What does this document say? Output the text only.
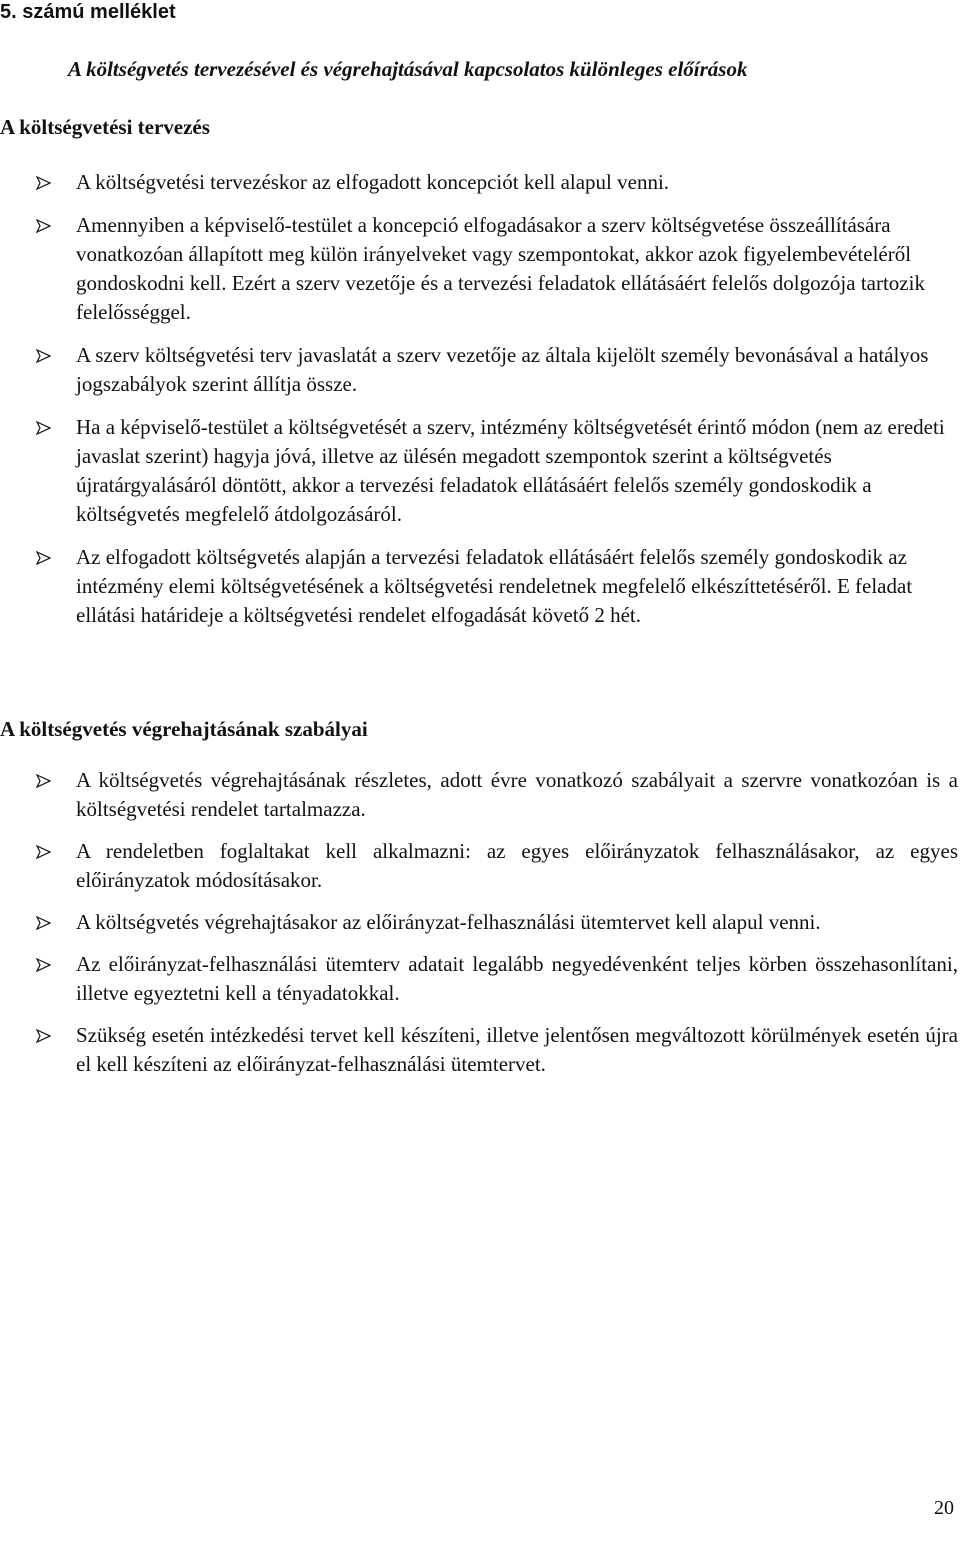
5. számú melléklet
A költségvetés tervezésével és végrehajtásával kapcsolatos különleges előírások
A költségvetési tervezés
A költségvetési tervezéskor az elfogadott koncepciót kell alapul venni.
Amennyiben a képviselő-testület a koncepció elfogadásakor a szerv költségvetése összeállítására vonatkozóan állapított meg külön irányelveket vagy szempontokat, akkor azok figyelembevételéről gondoskodni kell. Ezért a szerv vezetője és a tervezési feladatok ellátásáért felelős dolgozója tartozik felelősséggel.
A szerv költségvetési terv javaslatát a szerv vezetője az általa kijelölt személy bevonásával a hatályos jogszabályok szerint állítja össze.
Ha a képviselő-testület a költségvetését a szerv, intézmény költségvetését érintő módon (nem az eredeti javaslat szerint) hagyja jóvá, illetve az ülésén megadott szempontok szerint a költségvetés újratárgyalásáról döntött, akkor a tervezési feladatok ellátásáért felelős személy gondoskodik a költségvetés megfelelő átdolgozásáról.
Az elfogadott költségvetés alapján a tervezési feladatok ellátásáért felelős személy gondoskodik az intézmény elemi költségvetésének a költségvetési rendeletnek megfelelő elkészíttetéséről. E feladat ellátási határideje a költségvetési rendelet elfogadását követő 2 hét.
A költségvetés végrehajtásának szabályai
A költségvetés végrehajtásának részletes, adott évre vonatkozó szabályait a szervre vonatkozóan is a költségvetési rendelet tartalmazza.
A rendeletben foglaltakat kell alkalmazni: az egyes előirányzatok felhasználásakor, az egyes előirányzatok módosításakor.
A költségvetés végrehajtásakor az előirányzat-felhasználási ütemtervet kell alapul venni.
Az előirányzat-felhasználási ütemterv adatait legalább negyedévenként teljes körben összehasonlítani, illetve egyeztetni kell a tényadatokkal.
Szükség esetén intézkedési tervet kell készíteni, illetve jelentősen megváltozott körülmények esetén újra el kell készíteni az előirányzat-felhasználási ütemtervet.
20
